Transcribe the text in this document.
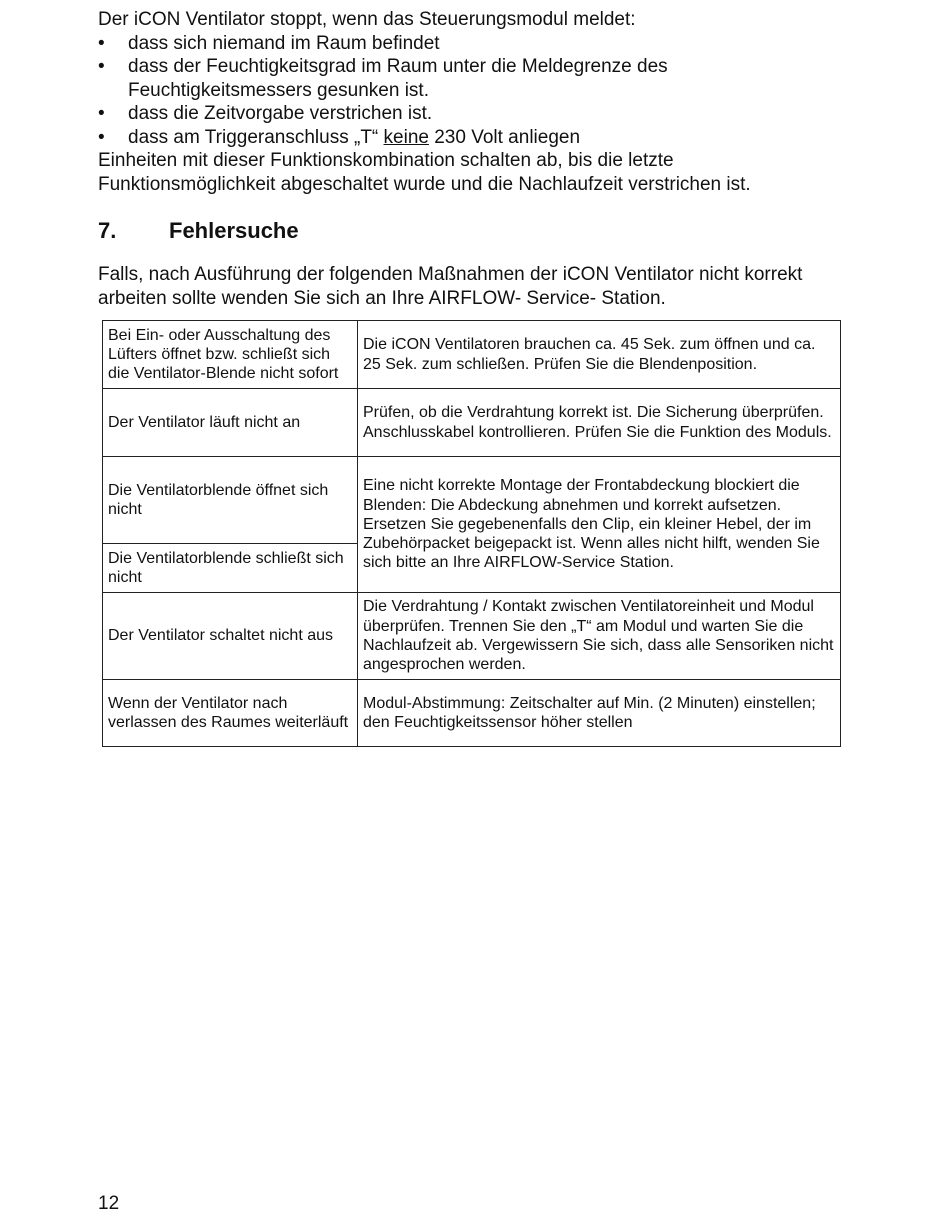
Der iCON Ventilator stoppt, wenn das Steuerungsmodul meldet:

• dass sich niemand im Raum befindet
• dass der Feuchtigkeitsgrad im Raum unter die Meldegrenze des Feuchtigkeitsmessers gesunken ist.
• dass die Zeitvorgabe verstrichen ist.
• dass am Triggeranschluss „T“ keine 230 Volt anliegen

Einheiten mit dieser Funktionskombination schalten ab, bis die letzte Funktionsmöglichkeit abgeschaltet wurde und die Nachlaufzeit verstrichen ist.

7.	Fehlersuche

Falls, nach Ausführung der folgenden Maßnahmen der iCON Ventilator nicht korrekt arbeiten sollte wenden Sie sich an Ihre AIRFLOW- Service- Station.

Bei Ein- oder Ausschaltung des Lüfters öffnet bzw. schließt sich die Ventilator-Blende nicht sofort	Die iCON Ventilatoren brauchen ca. 45 Sek. zum öffnen und ca. 25 Sek. zum schließen. Prüfen Sie die Blendenposition.
Der Ventilator läuft nicht an	Prüfen, ob die Verdrahtung korrekt ist. Die Sicherung überprüfen. Anschlusskabel kontrollieren. Prüfen Sie die Funktion des Moduls.
Die Ventilatorblende öffnet sich nicht	Eine nicht korrekte Montage der Frontabdeckung blockiert die Blenden: Die Abdeckung abnehmen und korrekt aufsetzen. Ersetzen Sie gegebenenfalls den Clip, ein kleiner Hebel, der im Zubehörpacket beigepackt ist. Wenn alles nicht hilft, wenden Sie sich bitte an Ihre AIRFLOW-Service Station.
Die Ventilatorblende schließt sich nicht	
Der Ventilator schaltet nicht aus	Die Verdrahtung / Kontakt zwischen Ventilatoreinheit und Modul überprüfen. Trennen Sie den „T“ am Modul und warten Sie die Nachlaufzeit ab. Vergewissern Sie sich, dass alle Sensoriken nicht angesprochen werden.
Wenn der Ventilator nach verlassen des Raumes weiterläuft	Modul-Abstimmung: Zeitschalter auf Min. (2 Minuten) einstellen; den Feuchtigkeitssensor höher stellen
12
